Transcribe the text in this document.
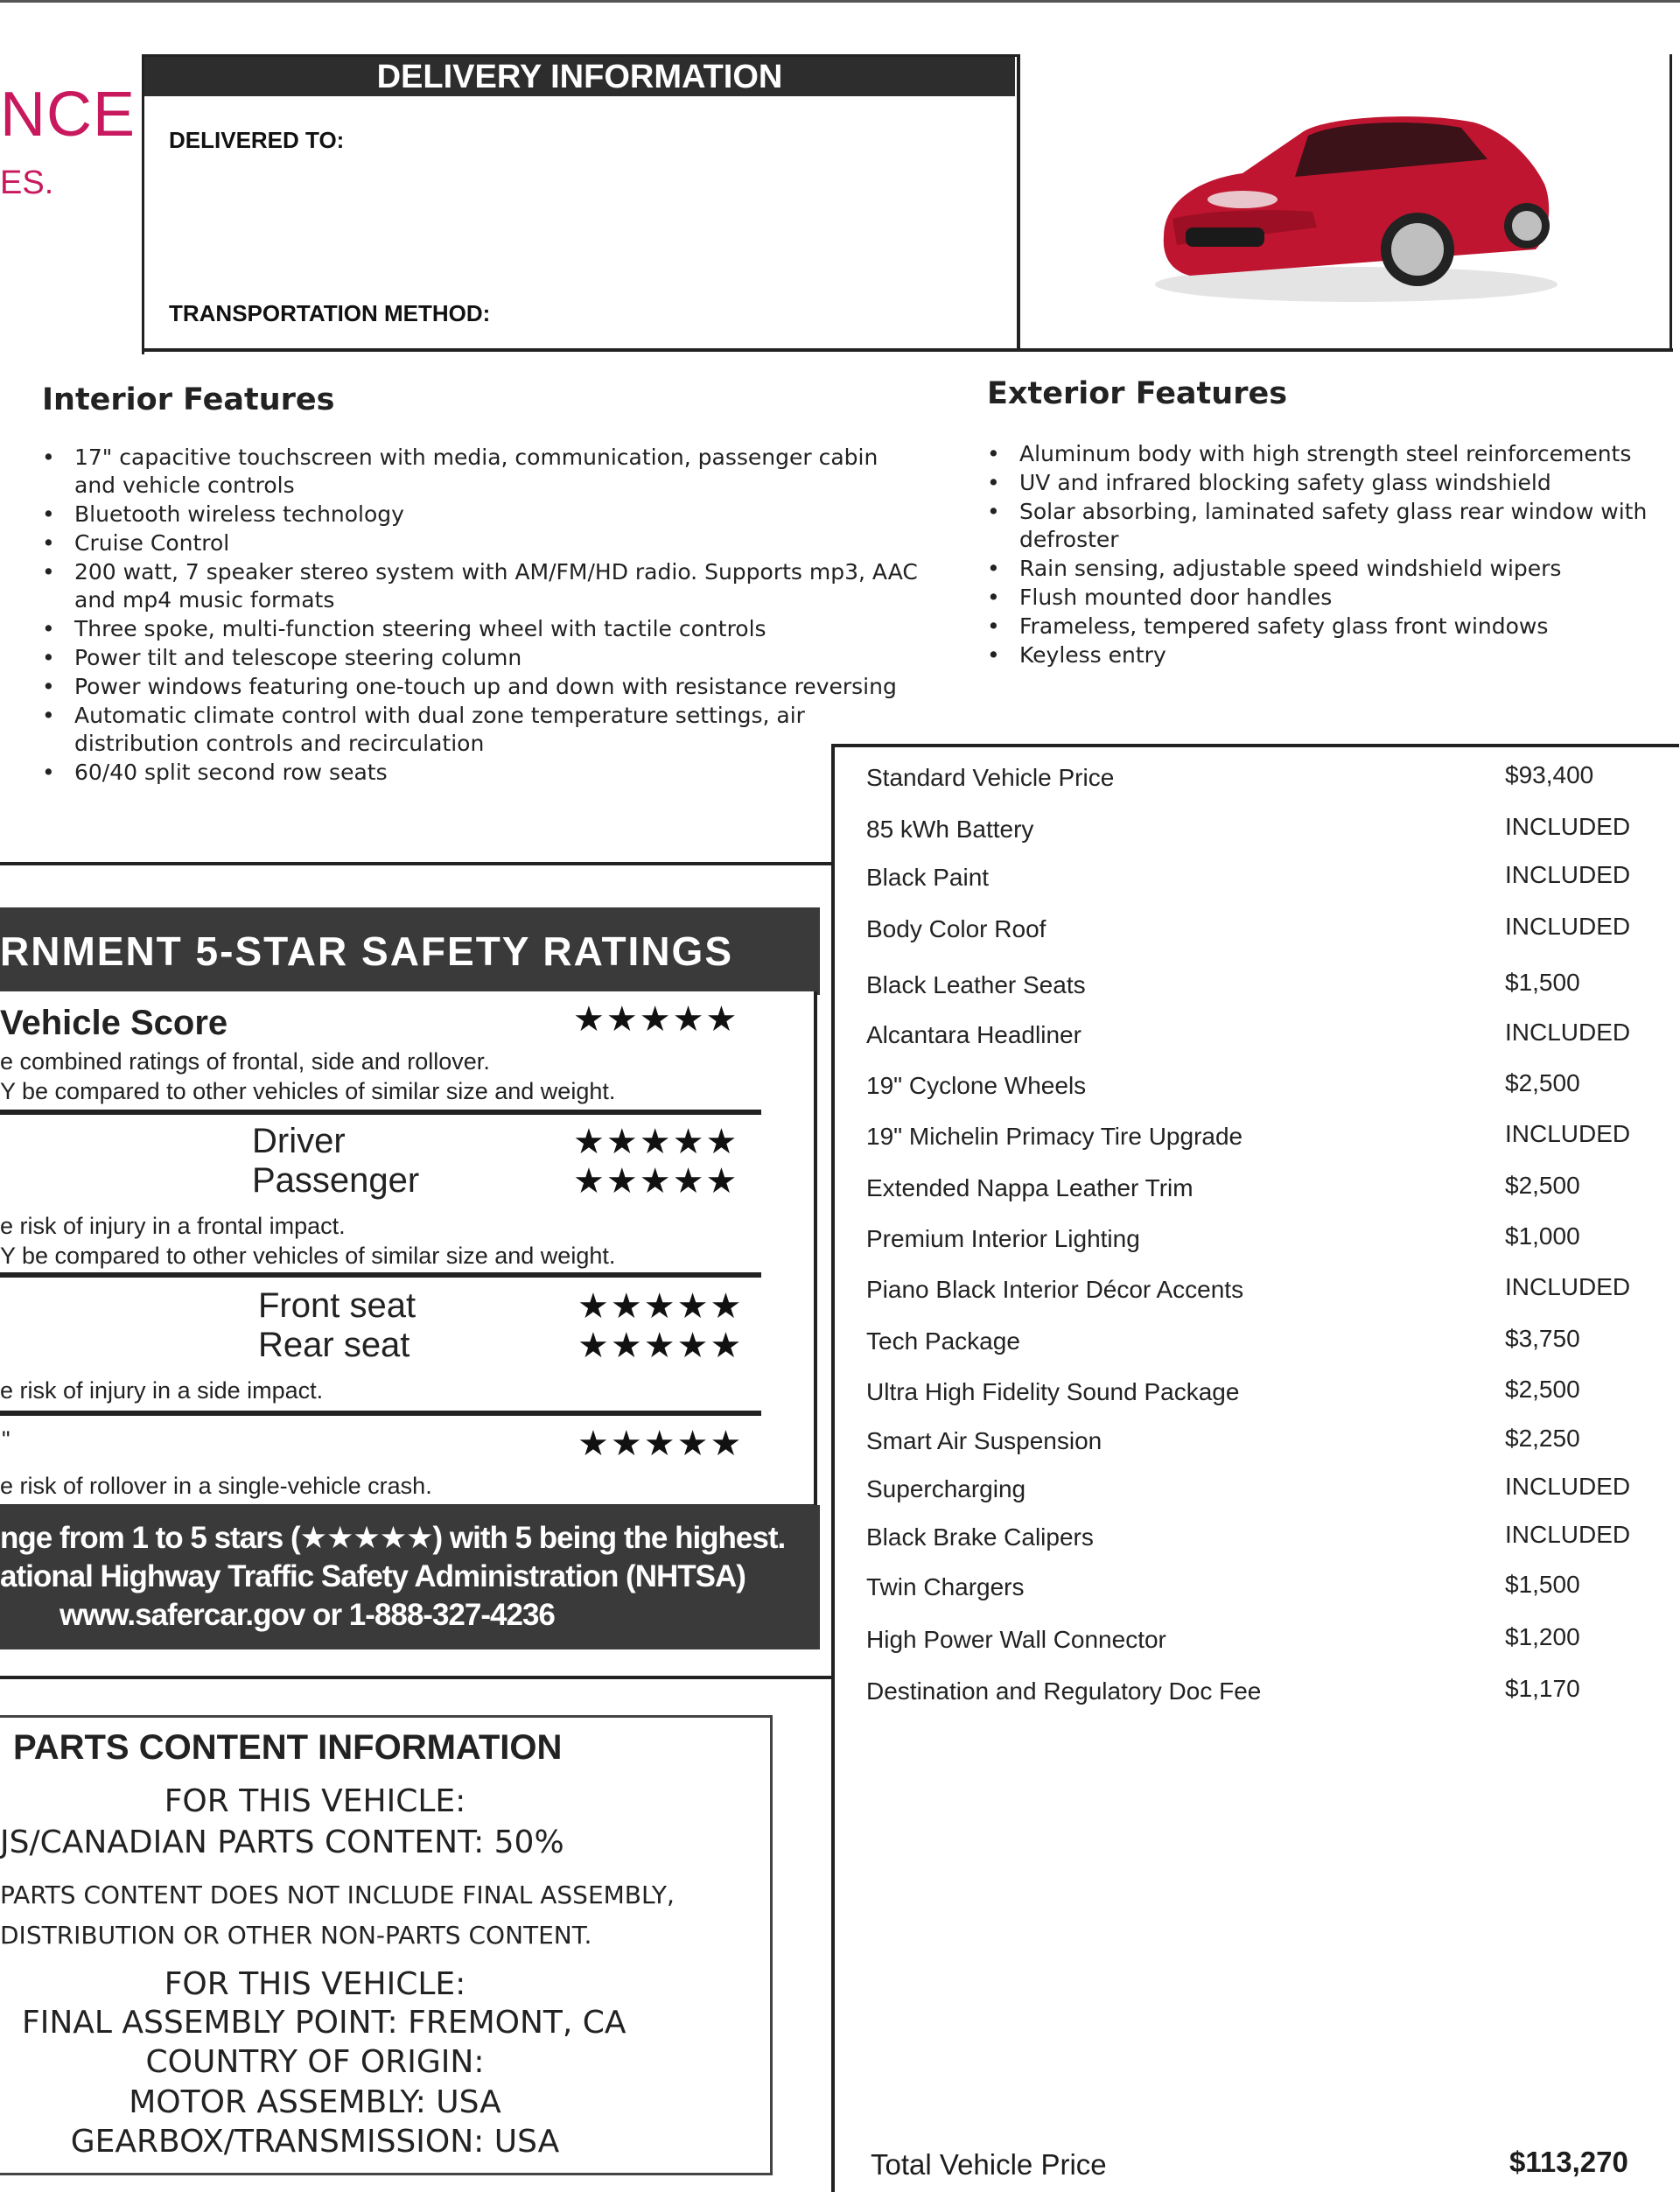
NCE
ES.
DELIVERY INFORMATION
DELIVERED TO:
TRANSPORTATION METHOD:
Interior Features
• 17" capacitive touchscreen with media, communication, passenger cabin and vehicle controls
• Bluetooth wireless technology
• Cruise Control
• 200 watt, 7 speaker stereo system with AM/FM/HD radio. Supports mp3, AAC and mp4 music formats
• Three spoke, multi-function steering wheel with tactile controls
• Power tilt and telescope steering column
• Power windows featuring one-touch up and down with resistance reversing
• Automatic climate control with dual zone temperature settings, air distribution controls and recirculation
• 60/40 split second row seats
Exterior Features
• Aluminum body with high strength steel reinforcements
• UV and infrared blocking safety glass windshield
• Solar absorbing, laminated safety glass rear window with defroster
• Rain sensing, adjustable speed windshield wipers
• Flush mounted door handles
• Frameless, tempered safety glass front windows
• Keyless entry
Standard Vehicle Price	$93,400
85 kWh Battery	INCLUDED
Black Paint	INCLUDED
Body Color Roof	INCLUDED
Black Leather Seats	$1,500
Alcantara Headliner	INCLUDED
19" Cyclone Wheels	$2,500
19" Michelin Primacy Tire Upgrade	INCLUDED
Extended Nappa Leather Trim	$2,500
Premium Interior Lighting	$1,000
Piano Black Interior Décor Accents	INCLUDED
Tech Package	$3,750
Ultra High Fidelity Sound Package	$2,500
Smart Air Suspension	$2,250
Supercharging	INCLUDED
Black Brake Calipers	INCLUDED
Twin Chargers	$1,500
High Power Wall Connector	$1,200
Destination and Regulatory Doc Fee	$1,170
Total Vehicle Price	$113,270
RNMENT 5-STAR SAFETY RATINGS
Vehicle Score	★★★★★
e combined ratings of frontal, side and rollover.
Y be compared to other vehicles of similar size and weight.
Driver	★★★★★
Passenger	★★★★★
e risk of injury in a frontal impact.
Y be compared to other vehicles of similar size and weight.
Front seat	★★★★★
Rear seat	★★★★★
e risk of injury in a side impact.
"	★★★★★
e risk of rollover in a single-vehicle crash.
nge from 1 to 5 stars (★★★★★) with 5 being the highest.
ational Highway Traffic Safety Administration (NHTSA)
www.safercar.gov or 1-888-327-4236
PARTS CONTENT INFORMATION
FOR THIS VEHICLE:
JS/CANADIAN PARTS CONTENT: 50%
PARTS CONTENT DOES NOT INCLUDE FINAL ASSEMBLY,
DISTRIBUTION OR OTHER NON-PARTS CONTENT.
FOR THIS VEHICLE:
FINAL ASSEMBLY POINT: FREMONT, CA
COUNTRY OF ORIGIN:
MOTOR ASSEMBLY: USA
GEARBOX/TRANSMISSION: USA
